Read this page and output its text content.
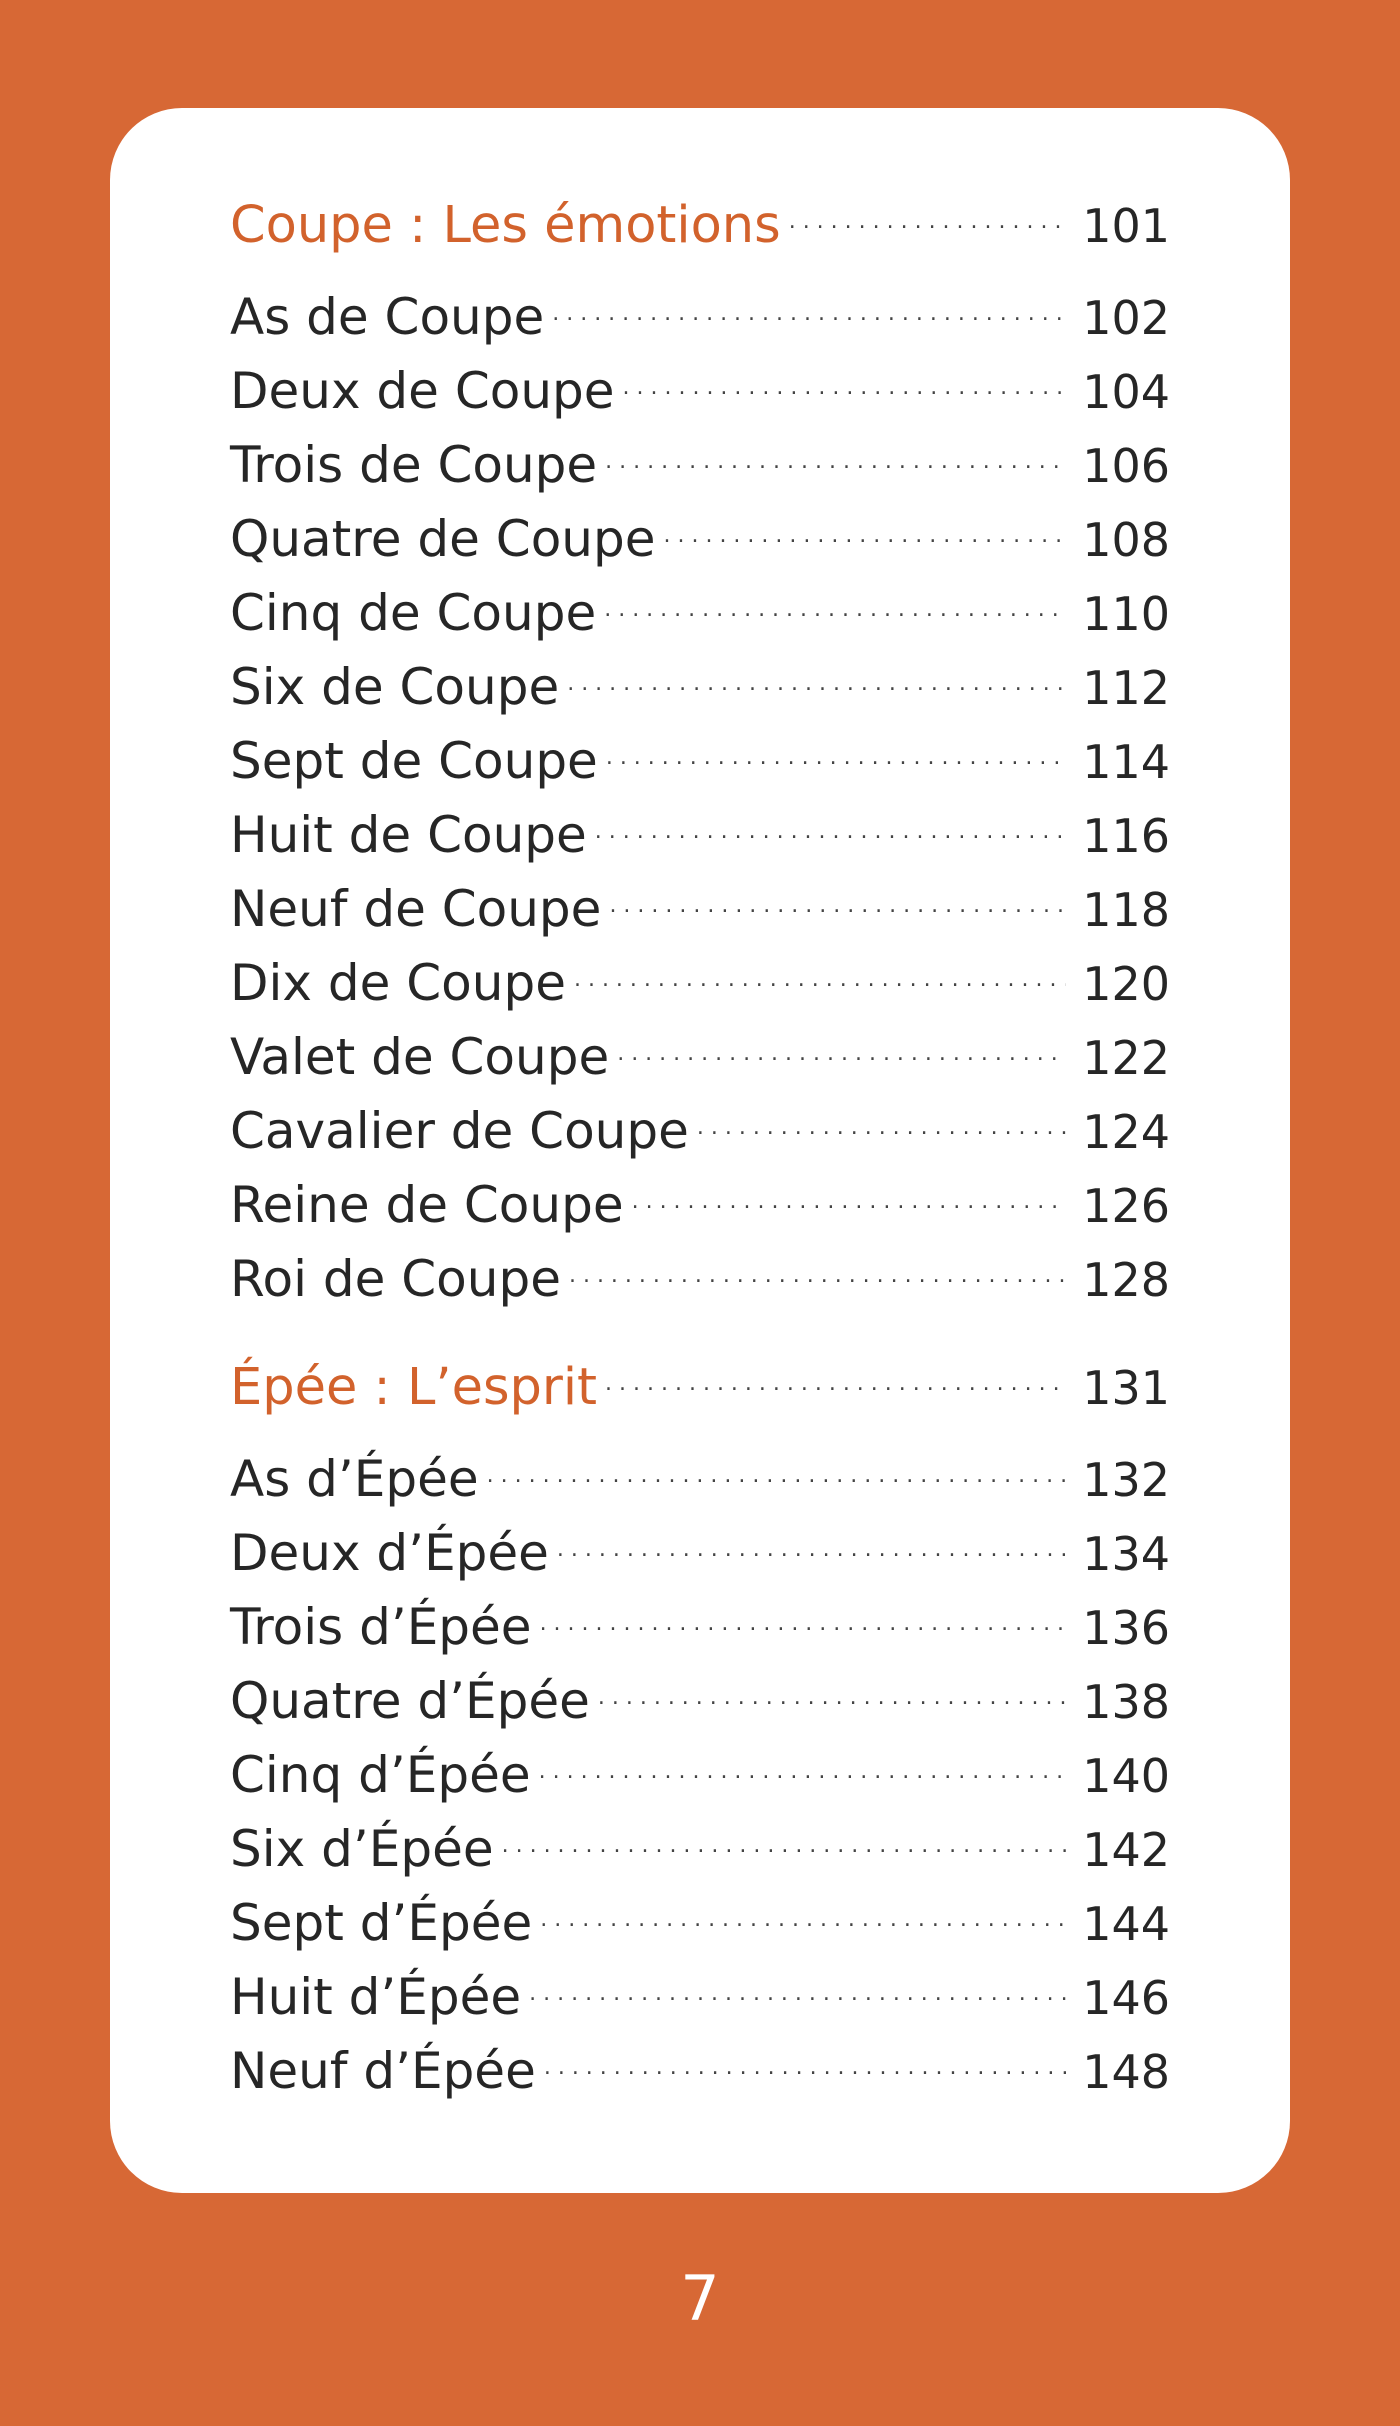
Coupe : Les émotions . . .	101
As de Coupe . . .	102
Deux de Coupe . . .	104
Trois de Coupe . . .	106
Quatre de Coupe . . .	108
Cinq de Coupe . . .	110
Six de Coupe . . .	112
Sept de Coupe . . .	114
Huit de Coupe . . .	116
Neuf de Coupe . . .	118
Dix de Coupe . . .	120
Valet de Coupe . . .	122
Cavalier de Coupe . . .	124
Reine de Coupe . . .	126
Roi de Coupe . . .	128
Épée : L’esprit . . .	131
As d’Épée . . .	132
Deux d’Épée . . .	134
Trois d’Épée . . .	136
Quatre d’Épée . . .	138
Cinq d’Épée . . .	140
Six d’Épée . . .	142
Sept d’Épée . . .	144
Huit d’Épée . . .	146
Neuf d’Épée . . .	148
7
